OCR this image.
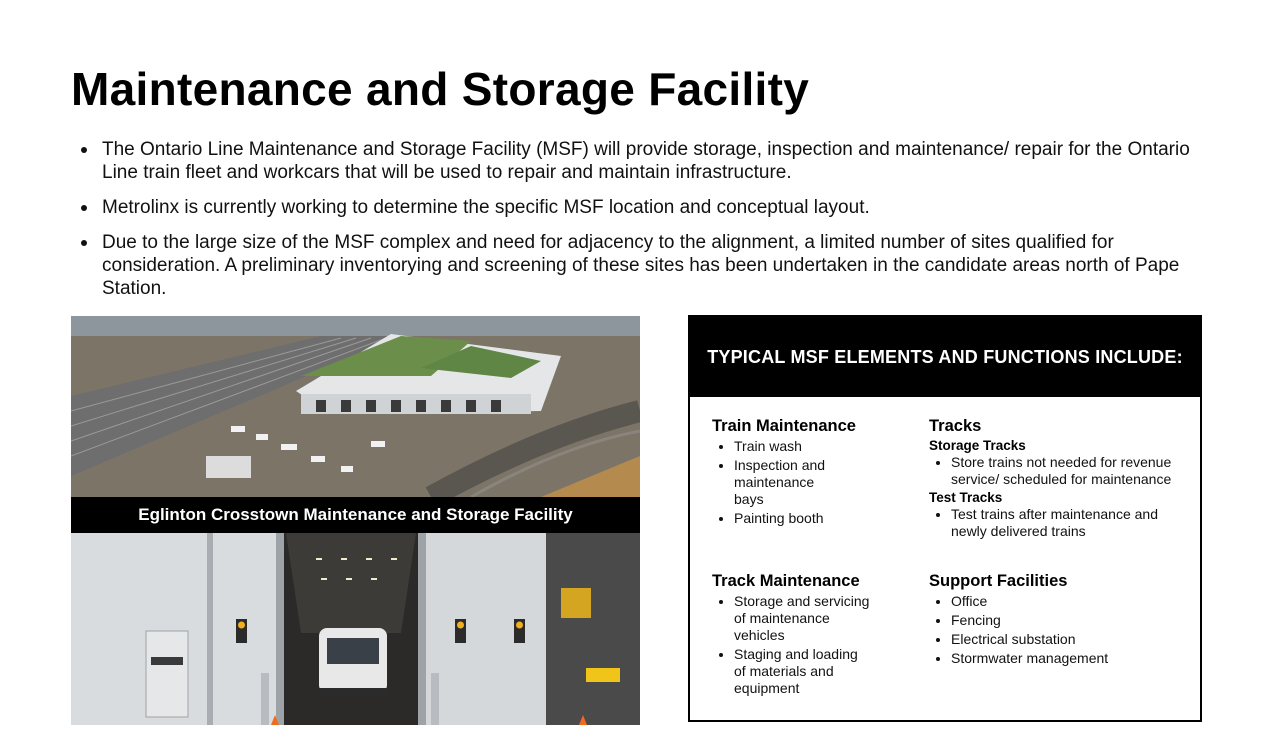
Maintenance and Storage Facility
The Ontario Line Maintenance and Storage Facility (MSF) will provide storage, inspection and maintenance/ repair for the Ontario Line train fleet and workcars that will be used to repair and maintain infrastructure.
Metrolinx is currently working to determine the specific MSF location and conceptual layout.
Due to the large size of the MSF complex and need for adjacency to the alignment, a limited number of sites qualified for consideration. A preliminary inventorying and screening of these sites has been undertaken in the candidate areas north of Pape Station.
Eglinton Crosstown Maintenance and Storage Facility
TYPICAL MSF ELEMENTS AND FUNCTIONS INCLUDE:
Train Maintenance
Train wash
Inspection and maintenance bays
Painting booth
Tracks
Storage Tracks
Store trains not needed for revenue service/ scheduled for maintenance
Test Tracks
Test trains after maintenance and newly delivered trains
Track Maintenance
Storage and servicing of maintenance vehicles
Staging and loading of materials and equipment
Support Facilities
Office
Fencing
Electrical substation
Stormwater management
